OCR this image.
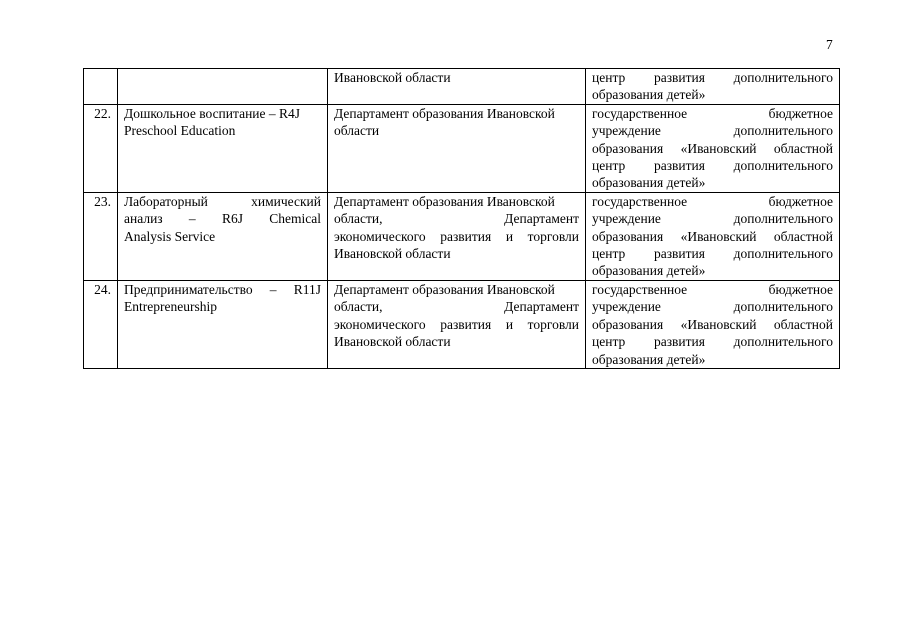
7

		Ивановской области	центр развития дополнительного
образования детей»

22.	Дошкольное воспитание – R4J
Preschool Education	Департамент образования Ивановской
области	государственное бюджетное
учреждение дополнительного
образования «Ивановский областной
центр развития дополнительного
образования детей»

23.	Лабораторный химический
анализ – R6J Chemical
Analysis Service	Департамент образования Ивановской
области, Департамент
экономического развития и торговли
Ивановской области	государственное бюджетное
учреждение дополнительного
образования «Ивановский областной
центр развития дополнительного
образования детей»

24.	Предпринимательство – R11J
Entrepreneurship	Департамент образования Ивановской
области, Департамент
экономического развития и торговли
Ивановской области	государственное бюджетное
учреждение дополнительного
образования «Ивановский областной
центр развития дополнительного
образования детей»
